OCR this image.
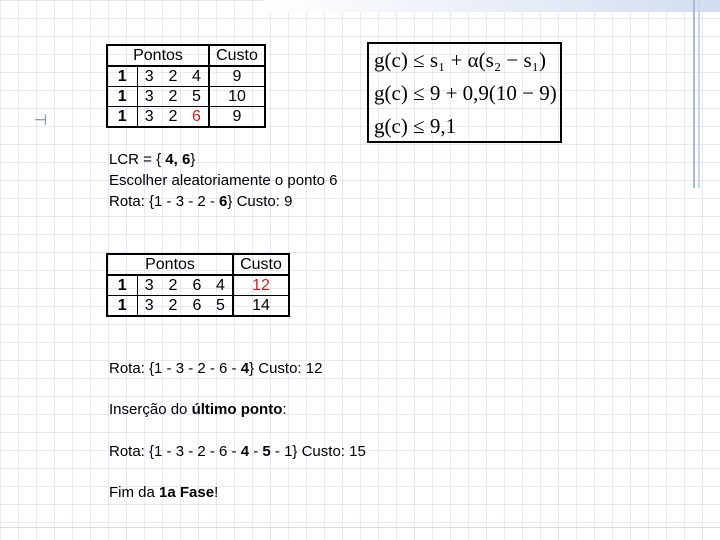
⊣
Pontos				Custo
1	3	2	4	9
1	3	2	5	10
1	3	2	6	9
g(c) ≤ s₁ + α(s₂ − s₁)
g(c) ≤ 9 + 0,9(10 − 9)
g(c) ≤ 9,1
LCR = { 4, 6}
Escolher aleatoriamente o ponto 6
Rota: {1 - 3 - 2 - 6} Custo: 9
Pontos					Custo
1	3	2	6	4	12
1	3	2	6	5	14
Rota: {1 - 3 - 2 - 6 - 4} Custo: 12
Inserção do último ponto:
Rota: {1 - 3 - 2 - 6 - 4 - 5 - 1} Custo: 15
Fim da 1a Fase!
